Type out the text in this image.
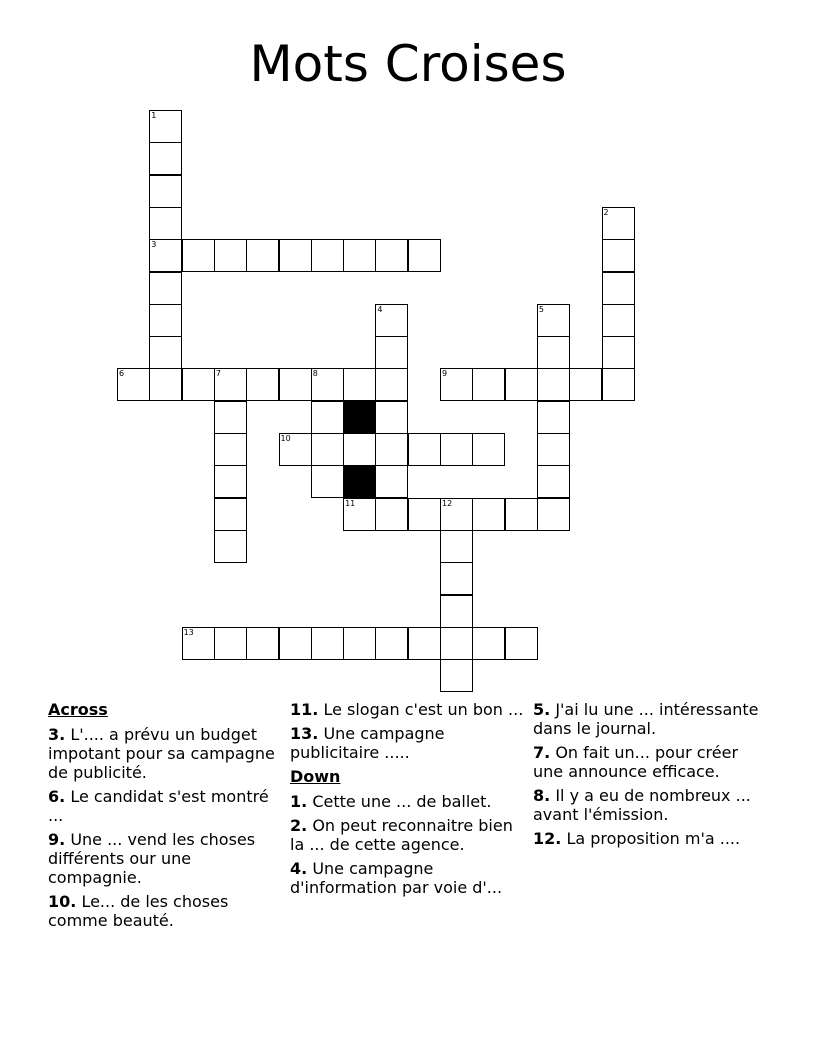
Mots Croises
3
6	7	8	9
10
11	12
13
1
2
4	5
Across
3. L'.... a prévu un budget impotant pour sa campagne de publicité.
6. Le candidat s'est montré ...
9. Une ... vend les choses différents our une compagnie.
10. Le... de les choses comme beauté.
11. Le slogan c'est un bon ...
13. Une campagne publicitaire .....
Down
1. Cette une ... de ballet.
2. On peut reconnaitre bien la ... de cette agence.
4. Une campagne d'information par voie d'...
5. J'ai lu une ... intéressante dans le journal.
7. On fait un... pour créer une announce efficace.
8. Il y a eu de nombreux ... avant l'émission.
12. La proposition m'a ....
